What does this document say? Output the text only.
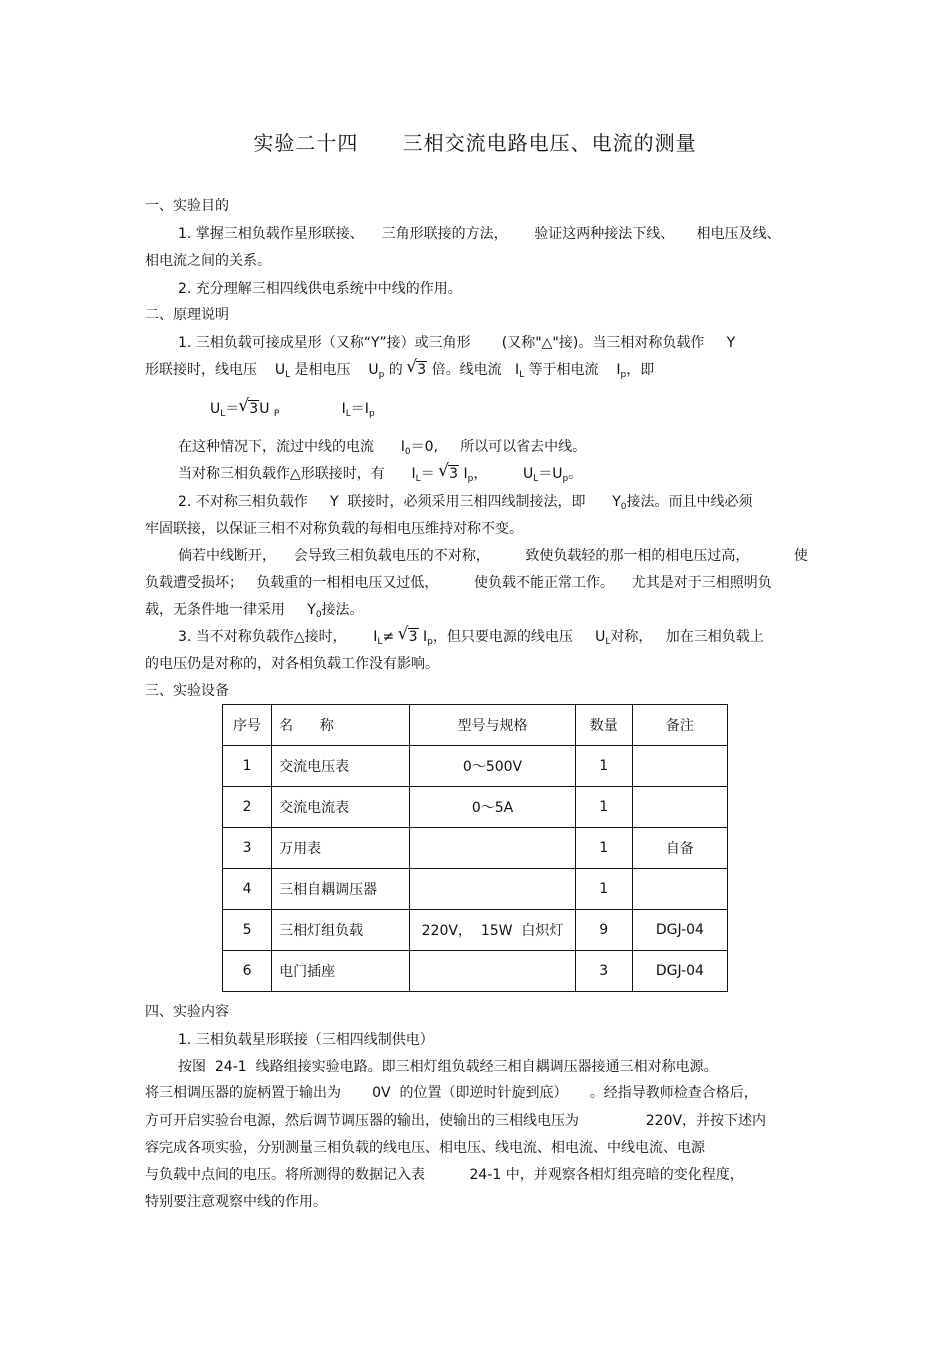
实验二十四 三相交流电路电压、电流的测量
一、实验目的
1. 掌握三相负载作星形联接、    三角形联接的方法，      验证这两种接法下线、     相电压及线、
相电流之间的关系。
2. 充分理解三相四线供电系统中中线的作用。
二、原理说明
1. 三相负载可接成星形（又称“Y”接）或三角形       (又称"△"接)。当三相对称负载作     Y
形联接时，线电压 $U_L$ 是相电压 $U_p$ 的 √ 3 倍。线电流 $I_L$ 等于相电流 $I_p$，即
$U_L=$ √ 3U $_P$	$I_L=I_p$
在这种情况下，流过中线的电流 $I_0=0$,     所以可以省去中线。
当对称三相负载作△形联接时，有 $I_L=$ √ 3 $I_p$，	$U_L=U_p$。
2. 不对称三相负载作     Y  联接时，必须采用三相四线制接法，即      $Y_0$接法。而且中线必须
牢固联接，以保证三相不对称负载的每相电压维持对称不变。
倘若中线断开，    会导致三相负载电压的不对称，        致使负载轻的那一相的相电压过高，          使
负载遭受损坏；   负载重的一相相电压又过低，        使负载不能正常工作。    尤其是对于三相照明负
载，无条件地一律采用     $Y_0$接法。
3. 当不对称负载作△接时， $I_L\ne$ √ 3 $I_p$，但只要电源的线电压 $U_L$对称，   加在三相负载上
的电压仍是对称的，对各相负载工作没有影响。
三、实验设备
序号	名      称	型号与规格	数量	备注
1	交流电压表	0～500V	1	
2	交流电流表	0～5A	1	
3	万用表		1	自备
4	三相自耦调压器		1	
5	三相灯组负载	220V，  15W  白炽灯	9	DGJ-04
6	电门插座		3	DGJ-04
四、实验内容
1. 三相负载星形联接（三相四线制供电）
按图  24-1  线路组接实验电路。即三相灯组负载经三相自耦调压器接通三相对称电源。
将三相调压器的旋柄置于输出为       0V  的位置（即逆时针旋到底）     。经指导教师检查合格后，
方可开启实验台电源，然后调节调压器的输出，使输出的三相线电压为               220V，并按下述内
容完成各项实验，分别测量三相负载的线电压、相电压、线电流、相电流、中线电流、电源
与负载中点间的电压。将所测得的数据记入表          24-1 中，并观察各相灯组亮暗的变化程度，
特别要注意观察中线的作用。
